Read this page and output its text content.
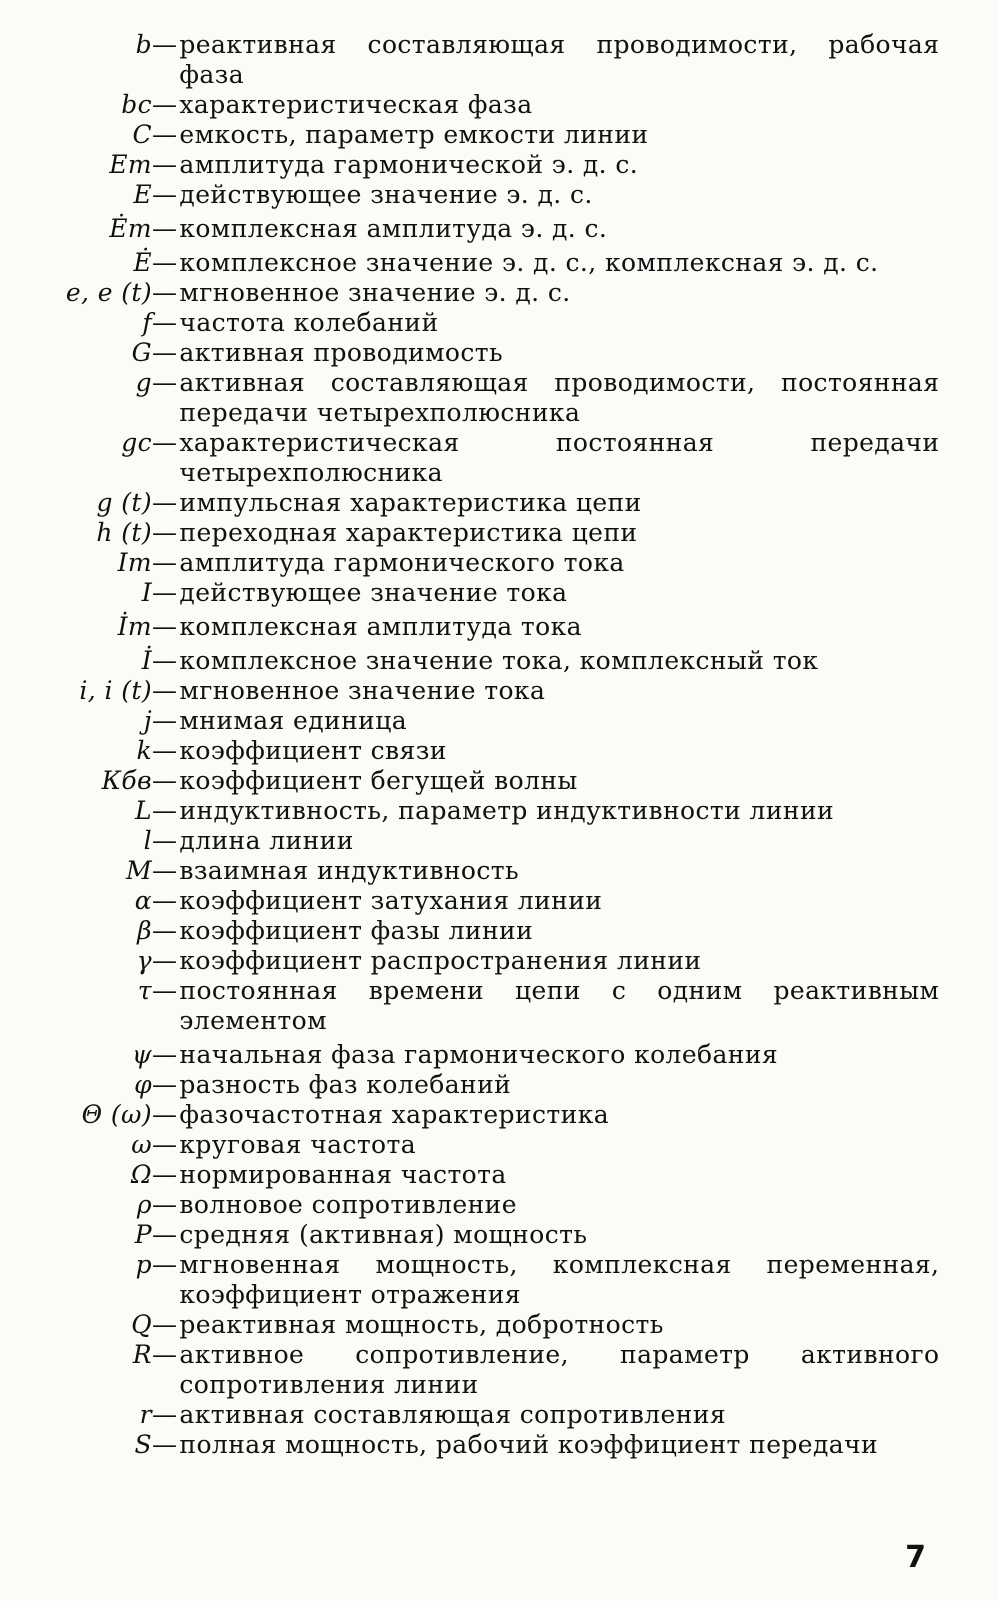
b — реактивная составляющая проводимости, рабочая фаза
bс — характеристическая фаза
C — емкость, параметр емкости линии
Em — амплитуда гармонической э. д. с.
E — действующее значение э. д. с.
Ėm — комплексная амплитуда э. д. с.
Ė — комплексное значение э. д. с., комплексная э. д. с.
e, e (t) — мгновенное значение э. д. с.
f — частота колебаний
G — активная проводимость
g — активная составляющая проводимости, постоянная передачи четырехполюсника
gс — характеристическая постоянная передачи четырехполюсника
g (t) — импульсная характеристика цепи
h (t) — переходная характеристика цепи
Im — амплитуда гармонического тока
I — действующее значение тока
İm — комплексная амплитуда тока
İ — комплексное значение тока, комплексный ток
i, i (t) — мгновенное значение тока
j — мнимая единица
k — коэффициент связи
Кбв — коэффициент бегущей волны
L — индуктивность, параметр индуктивности линии
l — длина линии
M — взаимная индуктивность
α — коэффициент затухания линии
β — коэффициент фазы линии
γ — коэффициент распространения линии
τ — постоянная времени цепи с одним реактивным элементом
ψ — начальная фаза гармонического колебания
φ — разность фаз колебаний
Θ (ω) — фазочастотная характеристика
ω — круговая частота
Ω — нормированная частота
ρ — волновое сопротивление
P — средняя (активная) мощность
p — мгновенная мощность, комплексная переменная, коэффициент отражения
Q — реактивная мощность, добротность
R — активное сопротивление, параметр активного сопротивления линии
r — активная составляющая сопротивления
S — полная мощность, рабочий коэффициент передачи
7
